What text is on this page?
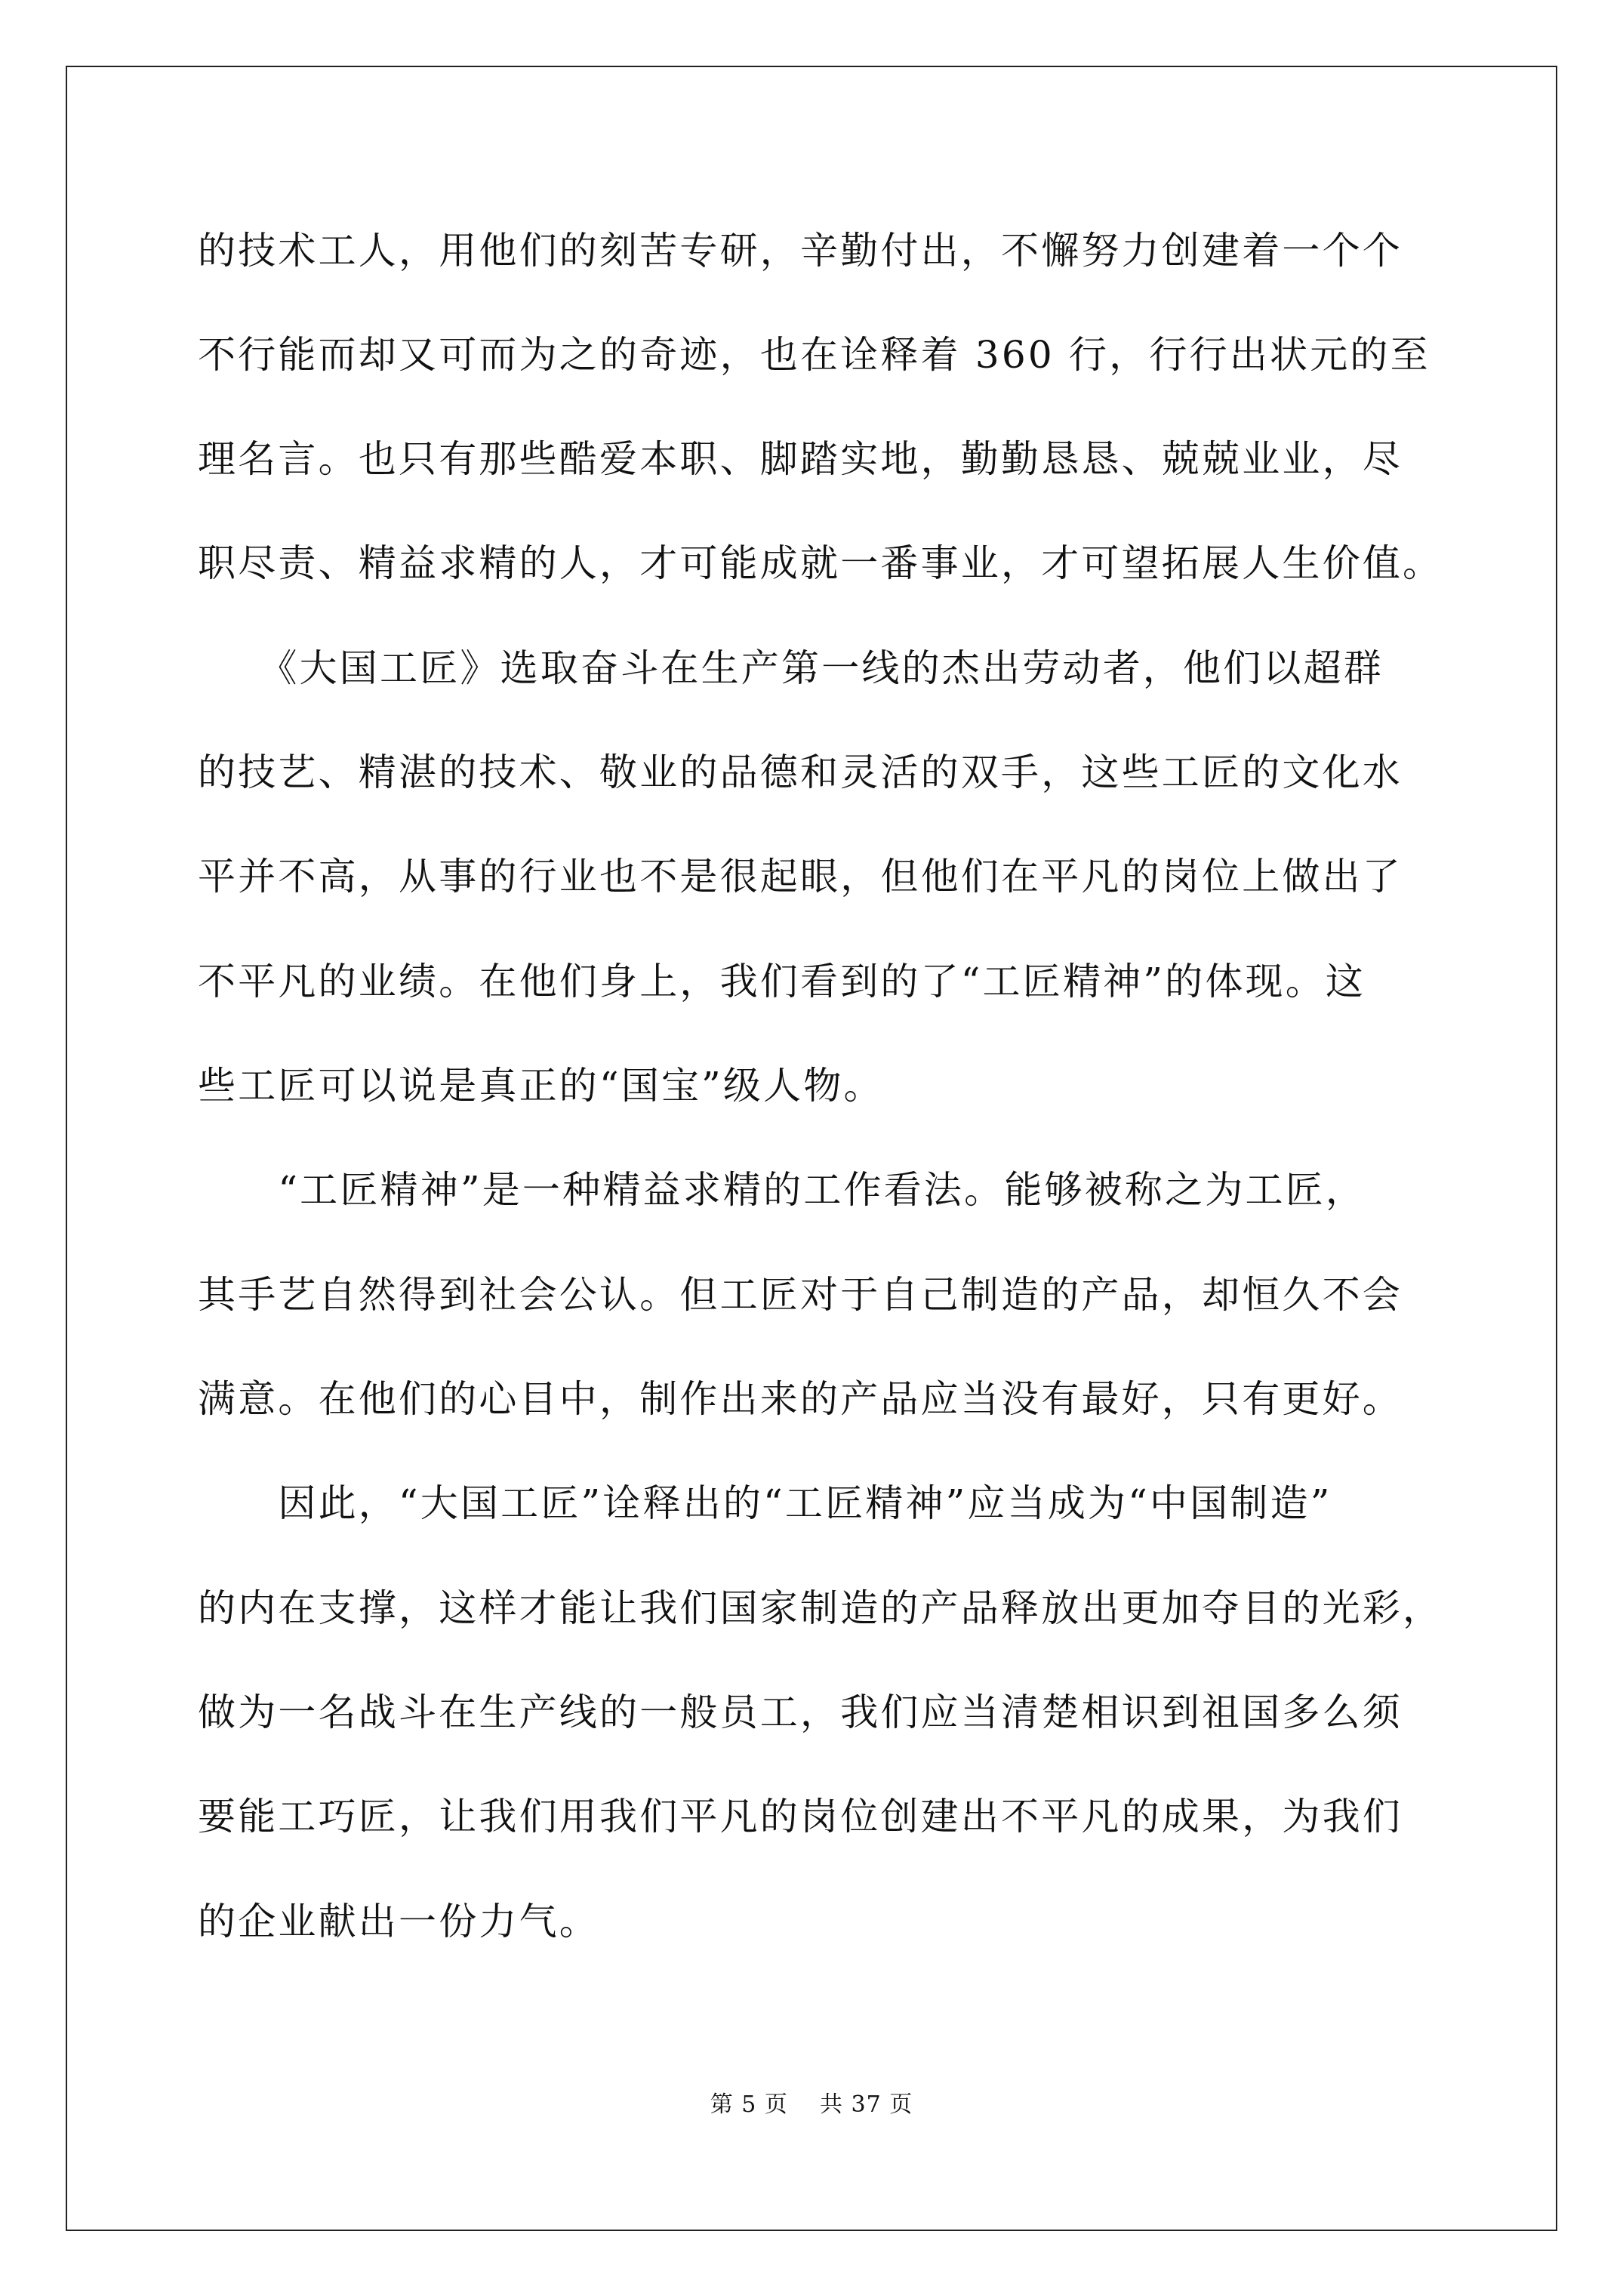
的技术工人，用他们的刻苦专研，辛勤付出，不懈努力创建着一个个
不行能而却又可而为之的奇迹，也在诠释着 360 行，行行出状元的至
理名言。也只有那些酷爱本职、脚踏实地，勤勤恳恳、兢兢业业，尽
职尽责、精益求精的人，才可能成就一番事业，才可望拓展人生价值。
　　《大国工匠》选取奋斗在生产第一线的杰出劳动者，他们以超群
的技艺、精湛的技术、敬业的品德和灵活的双手，这些工匠的文化水
平并不高，从事的行业也不是很起眼，但他们在平凡的岗位上做出了
不平凡的业绩。在他们身上，我们看到的了“工匠精神”的体现。这
些工匠可以说是真正的“国宝”级人物。
　　“工匠精神”是一种精益求精的工作看法。能够被称之为工匠，
其手艺自然得到社会公认。但工匠对于自己制造的产品，却恒久不会
满意。在他们的心目中，制作出来的产品应当没有最好，只有更好。
　　因此，“大国工匠”诠释出的“工匠精神”应当成为“中国制造”
的内在支撑，这样才能让我们国家制造的产品释放出更加夺目的光彩，
做为一名战斗在生产线的一般员工，我们应当清楚相识到祖国多么须
要能工巧匠，让我们用我们平凡的岗位创建出不平凡的成果，为我们
的企业献出一份力气。
第 5 页    共 37 页
